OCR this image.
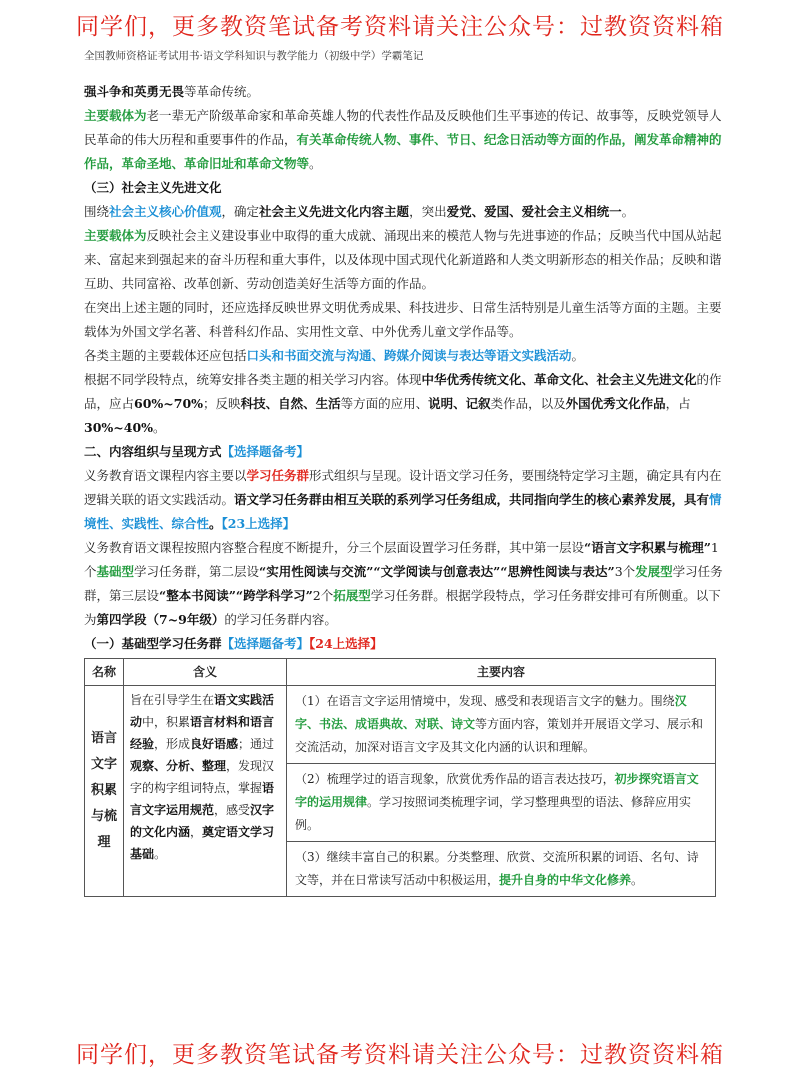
同学们，更多教资笔试备考资料请关注公众号：过教资资料箱
全国教师资格证考试用书·语文学科知识与教学能力（初级中学）学霸笔记

强斗争和英勇无畏等革命传统。

主要载体为老一辈无产阶级革命家和革命英雄人物的代表性作品及反映他们生平事迹的传记、故事等，反映党领导人民革命的伟大历程和重要事件的作品，有关革命传统人物、事件、节日、纪念日活动等方面的作品，阐发革命精神的作品，革命圣地、革命旧址和革命文物等。

（三）社会主义先进文化

围绕社会主义核心价值观，确定社会主义先进文化内容主题，突出爱党、爱国、爱社会主义相统一。

主要载体为反映社会主义建设事业中取得的重大成就、涌现出来的模范人物与先进事迹的作品；反映当代中国从站起来、富起来到强起来的奋斗历程和重大事件，以及体现中国式现代化新道路和人类文明新形态的相关作品；反映和谐互助、共同富裕、改革创新、劳动创造美好生活等方面的作品。

在突出上述主题的同时，还应选择反映世界文明优秀成果、科技进步、日常生活特别是儿童生活等方面的主题。主要载体为外国文学名著、科普科幻作品、实用性文章、中外优秀儿童文学作品等。

各类主题的主要载体还应包括口头和书面交流与沟通、跨媒介阅读与表达等语文实践活动。

根据不同学段特点，统筹安排各类主题的相关学习内容。体现中华优秀传统文化、革命文化、社会主义先进文化的作品，应占60%~70%；反映科技、自然、生活等方面的应用、说明、记叙类作品，以及外国优秀文化作品，占30%~40%。

二、内容组织与呈现方式【选择题备考】

义务教育语文课程内容主要以学习任务群形式组织与呈现。设计语文学习任务，要围绕特定学习主题，确定具有内在逻辑关联的语文实践活动。语文学习任务群由相互关联的系列学习任务组成，共同指向学生的核心素养发展，具有情境性、实践性、综合性。【23上选择】

义务教育语文课程按照内容整合程度不断提升，分三个层面设置学习任务群，其中第一层设“语言文字积累与梳理”1个基础型学习任务群，第二层设“实用性阅读与交流”“文学阅读与创意表达”“思辨性阅读与表达”3个发展型学习任务群，第三层设“整本书阅读”“跨学科学习”2个拓展型学习任务群。根据学段特点，学习任务群安排可有所侧重。以下为第四学段（7~9年级）的学习任务群内容。

（一）基础型学习任务群【选择题备考】【24上选择】

名称	含义	主要内容
语言文字积累与梳理	旨在引导学生在语文实践活动中，积累语言材料和语言经验，形成良好语感；通过观察、分析、整理，发现汉字的构字组词特点，掌握语言文字运用规范，感受汉字的文化内涵，奠定语文学习基础。	（1）在语言文字运用情境中，发现、感受和表现语言文字的魅力。围绕汉字、书法、成语典故、对联、诗文等方面内容，策划并开展语文学习、展示和交流活动，加深对语言文字及其文化内涵的认识和理解。
（2）梳理学过的语言现象，欣赏优秀作品的语言表达技巧，初步探究语言文字的运用规律。学习按照词类梳理字词，学习整理典型的语法、修辞应用实例。
（3）继续丰富自己的积累。分类整理、欣赏、交流所积累的词语、名句、诗文等，并在日常读写活动中积极运用，提升自身的中华文化修养。
同学们，更多教资笔试备考资料请关注公众号：过教资资料箱
